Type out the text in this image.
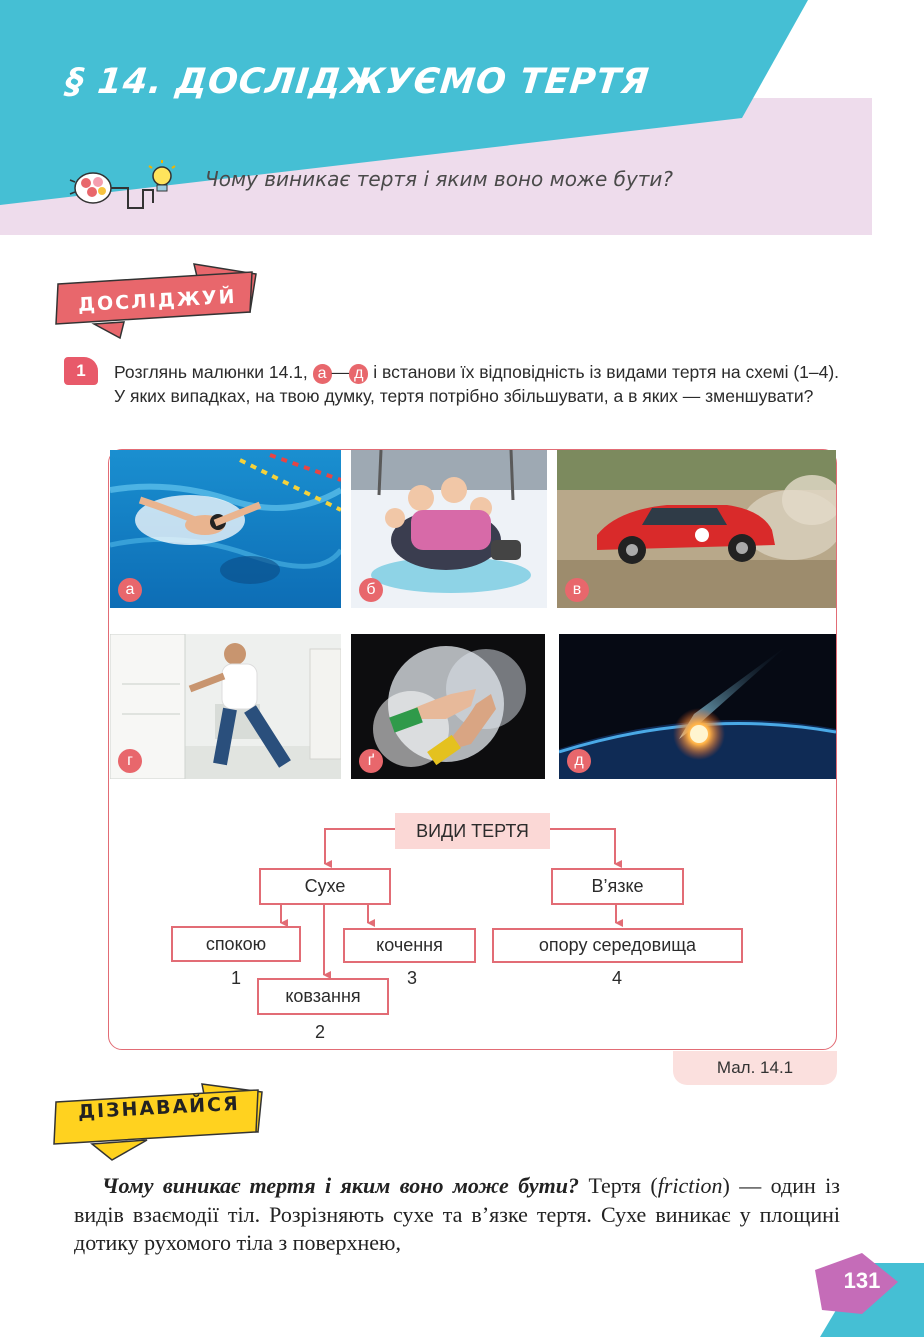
§ 14. ДОСЛІДЖУЄМО ТЕРТЯ
Чому виникає тертя і яким воно може бути?
ДОСЛІДЖУЙ
1	Розглянь малюнки 14.1, а — д і встанови їх відповідність із видами тертя на схемі (1–4). У яких випадках, на твою думку, тертя потрібно збільшувати, а в яких — зменшувати?
а	б	в
г	ґ	д
ВИДИ ТЕРТЯ
Сухе	В’язке
спокою	кочення
ковзання
опору середовища
1	3	4
2
Мал. 14.1
ДІЗНАВАЙСЯ
Чому виникає тертя і яким воно може бути? Тертя (friction) — один із видів взаємодії тіл. Розрізняють сухе та в’язке тертя. Сухе виникає у площині дотику рухомого тіла з поверхнею,
131
